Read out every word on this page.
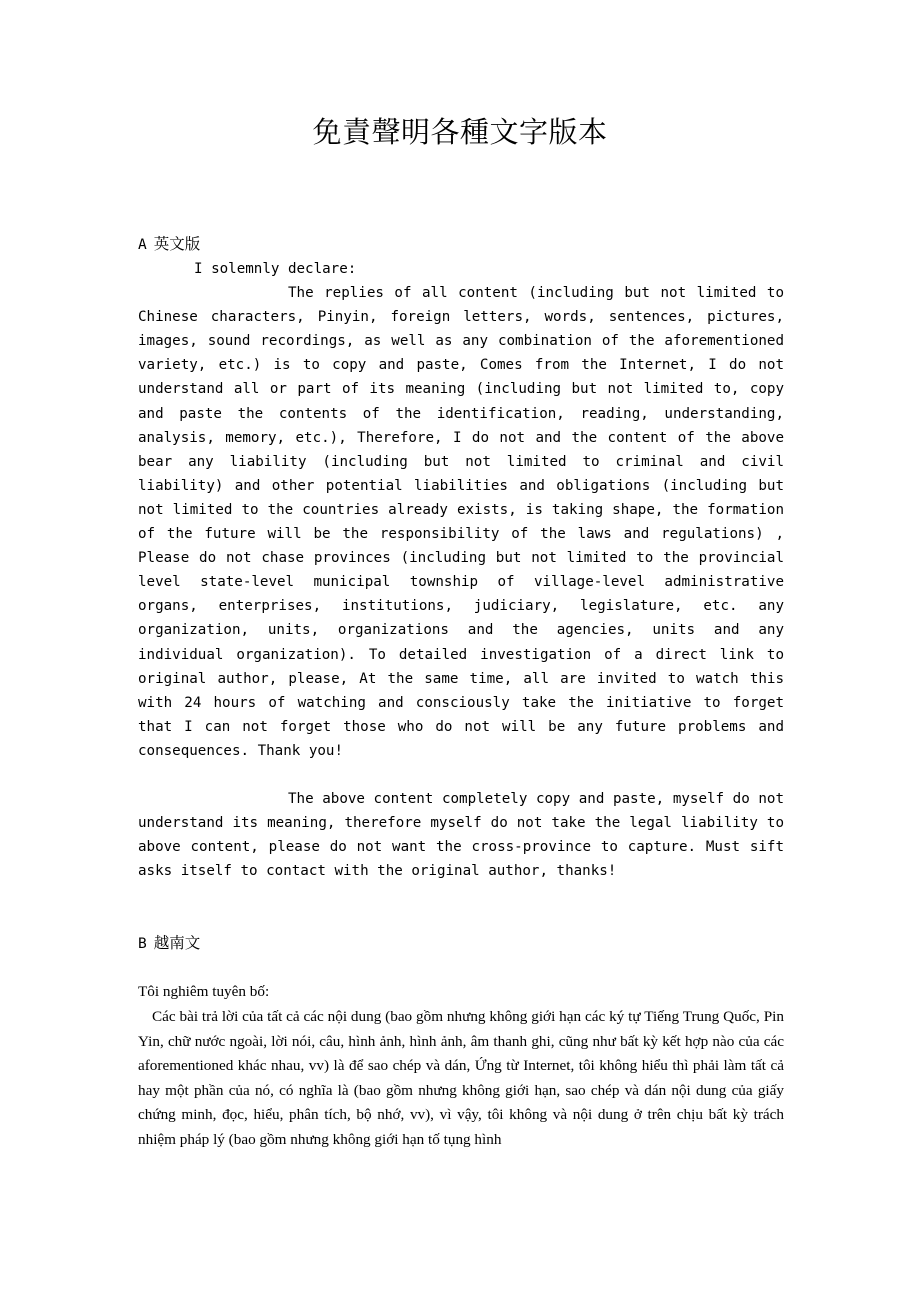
免責聲明各種文字版本
A 英文版
I solemnly declare:
The replies of all content (including but not limited to Chinese characters, Pinyin, foreign letters, words, sentences, pictures, images, sound recordings, as well as any combination of the aforementioned variety, etc.) is to copy and paste, Comes from the Internet, I do not understand all or part of its meaning (including but not limited to, copy and paste the contents of the identification, reading, understanding, analysis, memory, etc.), Therefore, I do not and the content of the above bear any liability (including but not limited to criminal and civil liability) and other potential liabilities and obligations (including but not limited to the countries already exists, is taking shape, the formation of the future will be the responsibility of the laws and regulations) , Please do not chase provinces (including but not limited to the provincial level state-level municipal township of village-level administrative organs, enterprises, institutions, judiciary, legislature, etc. any organization, units, organizations and the agencies, units and any individual organization). To detailed investigation of a direct link to original author, please, At the same time, all are invited to watch this with 24 hours of watching and consciously take the initiative to forget that I can not forget those who do not will be any future problems and consequences. Thank you!
The above content completely copy and paste, myself do not understand its meaning, therefore myself do not take the legal liability to above content, please do not want the cross-province to capture. Must sift asks itself to contact with the original author, thanks!
B 越南文
Tôi nghiêm tuyên bố:
Các bài trả lời của tất cả các nội dung (bao gồm nhưng không giới hạn các ký tự Tiếng Trung Quốc, Pin Yin, chữ nước ngoài, lời nói, câu, hình ảnh, hình ảnh, âm thanh ghi, cũng như bất kỳ kết hợp nào của các aforementioned khác nhau, vv) là để sao chép và dán, Ứng từ Internet, tôi không hiểu thì phải làm tất cả hay một phần của nó, có nghĩa là (bao gồm nhưng không giới hạn, sao chép và dán nội dung của giấy chứng minh, đọc, hiểu, phân tích, bộ nhớ, vv), vì vậy, tôi không và nội dung ở trên chịu bất kỳ trách nhiệm pháp lý (bao gồm nhưng không giới hạn tố tụng hình
